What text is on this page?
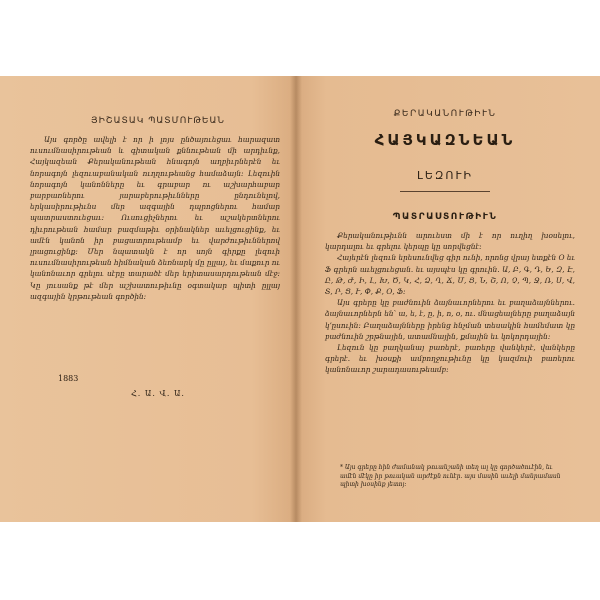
ՅԻՇԱՏԱԿ ՊԱՏՄՈՒԹԵԱՆ

Այս գործը ավելի է որ ի լոյս ընծայուեցաւ հարազատ ուսումնասիրութեան և գիտական քննութեան մի արդիւնք, Հայկազեան Քերականութեան հնագոյն աղբիւրներէն եւ նորագոյն լեզուաբանական ուղղութեանց համաձայն։ Լեզուին նորագոյն կանոնները եւ գրաբար ու աշխարհաբար բարբառներու յարաբերութիւնները ընդունելով, երկասիրութիւնս մեր ազգային դպրոցներու համար պատրաստուեցաւ։ Ուսուցիչներու եւ աշակերտներու դիւրութեան համար բազմաթիւ օրինակներ աւելցուցինք, եւ ամէն կանոն իր բացատրութեամբ եւ վարժութիւններով լրացուցինք։ Մեր նպատակն է որ սոյն գիրքը լեզուի ուսումնասիրութեան հիմնական ձեռնարկ մը ըլլայ, եւ մաքուր ու կանոնաւոր գրելու սէրը տարածէ մեր երիտասարդութեան մէջ։ Կը յուսանք թէ մեր աշխատութիւնը օգտակար պիտի ըլլայ ազգային կրթութեան գործին։

1883
Հ. Ա. Վ. Ա.
ՔԵՐԱԿԱՆՈՒԹԻՒՆ
ՀԱՅԿԱԶՆԵԱՆ
ԼԵԶՈՒԻ
ՊԱՏՐԱՍՏՈՒԹԻՒՆ

Քերականութիւնն արուեստ մի է որ ուղիղ խօսելու, կարդալու եւ գրելու կերպը կը սորվեցնէ։

Հայերէն լեզուն երեսունվեց գիր ունի, որոնց վրայ ետքէն Օ եւ Ֆ գրերն աւելցուեցան. եւ այսպէս կը գրուին. Ա, Բ, Գ, Դ, Ե, Զ, Է, Ը, Թ, Ժ, Ի, Լ, Խ, Ծ, Կ, Հ, Ձ, Ղ, Ճ, Մ, Յ, Ն, Շ, Ո, Չ, Պ, Ջ, Ռ, Ս, Վ, Տ, Ր, Ց, Ւ, Փ, Ք, Օ, Ֆ։

Այս գրերը կը բաժնուին ձայնաւորներու եւ բաղաձայններու. ձայնաւորներն են՝ ա, ե, է, ը, ի, ո, օ, ու. մնացեալները բաղաձայն կ՚ըսուին։ Բաղաձայնները իրենց հնչման տեսակին համեմատ կը բաժնուին շրթնային, ատամնային, քմային եւ կոկորդային։

Լեզուն կը բաղկանայ բառերէ, բառերը վանկերէ, վանկերը գրերէ. եւ խօսքի ամբողջութիւնը կը կազմուի բառերու կանոնաւոր շարադասութեամբ։

* Այս գրերը հին ժամանակ թուանշանի տեղ ալ կը գործածուէին, եւ ամէն մէկը իր թուական արժէքն ունէր. այս մասին աւելի մանրամասն պիտի խօսինք յետոյ։
